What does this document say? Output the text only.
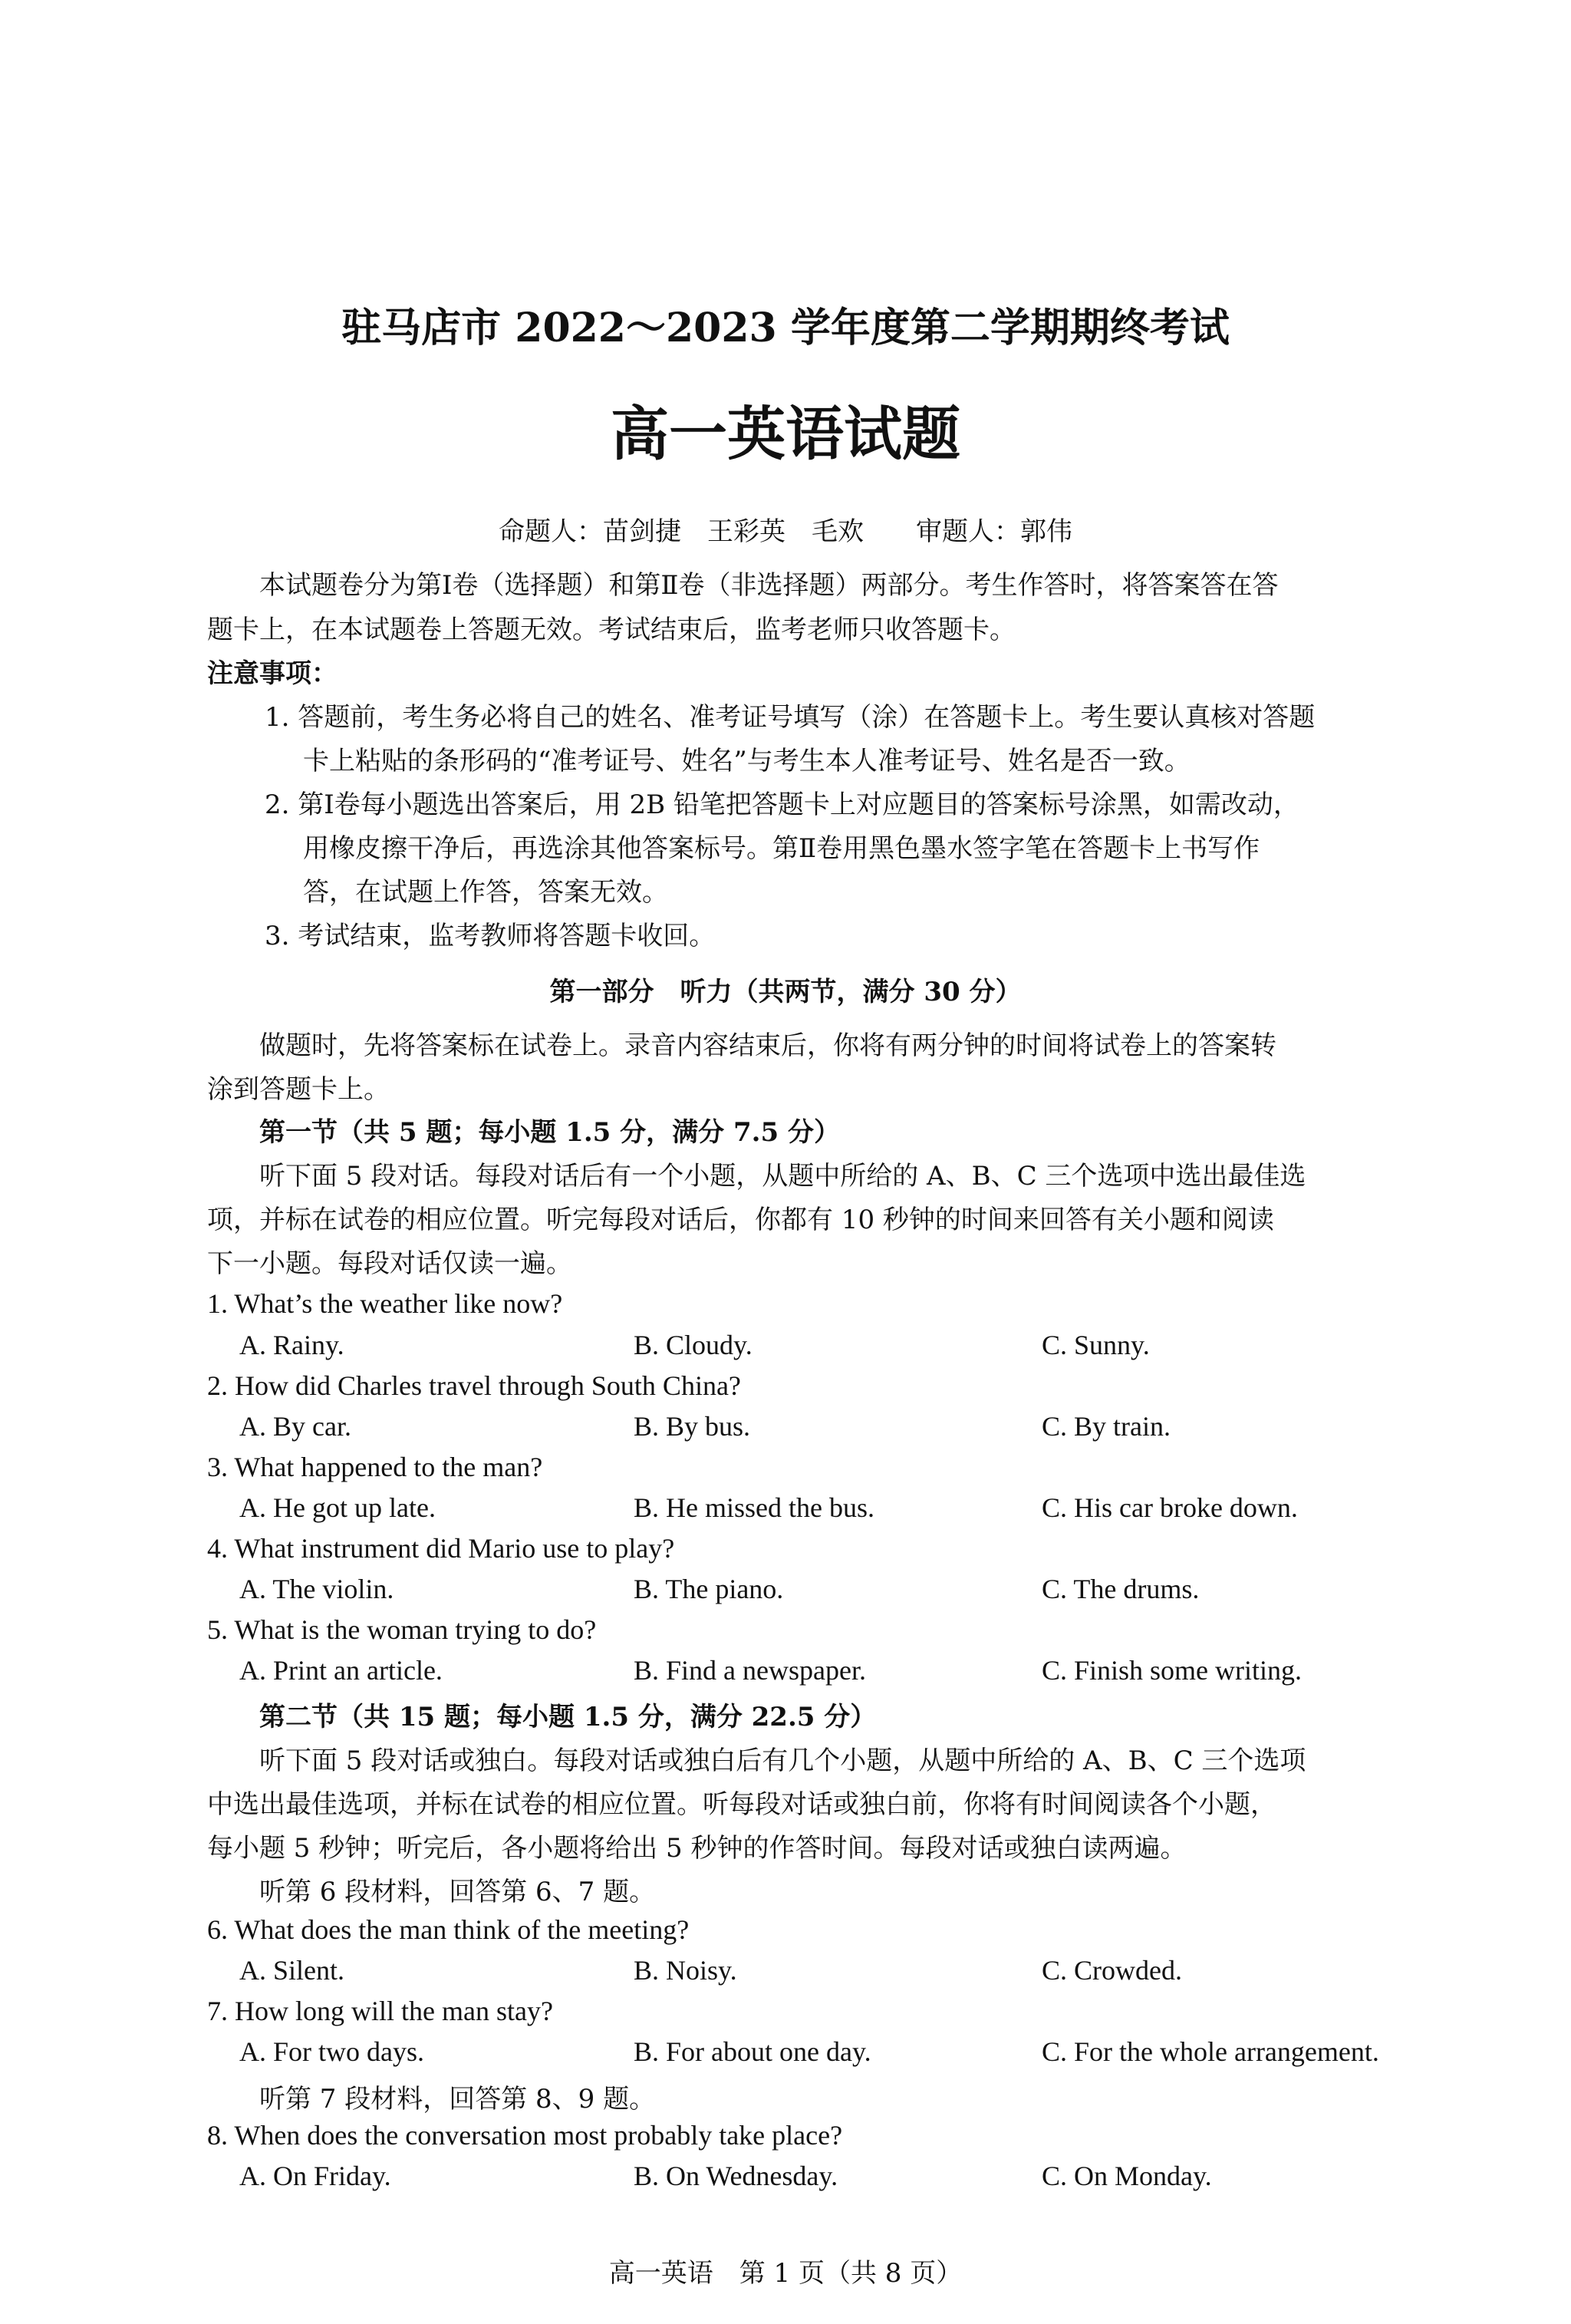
驻马店市 2022～2023 学年度第二学期期终考试
高一英语试题
命题人：苗剑捷　王彩英　毛欢　　审题人：郭伟
本试题卷分为第Ⅰ卷（选择题）和第Ⅱ卷（非选择题）两部分。考生作答时，将答案答在答
题卡上，在本试题卷上答题无效。考试结束后，监考老师只收答题卡。
注意事项：
1. 答题前，考生务必将自己的姓名、准考证号填写（涂）在答题卡上。考生要认真核对答题
卡上粘贴的条形码的“准考证号、姓名”与考生本人准考证号、姓名是否一致。
2. 第Ⅰ卷每小题选出答案后，用 2B 铅笔把答题卡上对应题目的答案标号涂黑，如需改动，
用橡皮擦干净后，再选涂其他答案标号。第Ⅱ卷用黑色墨水签字笔在答题卡上书写作
答，在试题上作答，答案无效。
3. 考试结束，监考教师将答题卡收回。
第一部分　听力（共两节，满分 30 分）
做题时，先将答案标在试卷上。录音内容结束后，你将有两分钟的时间将试卷上的答案转
涂到答题卡上。
第一节（共 5 题；每小题 1.5 分，满分 7.5 分）
听下面 5 段对话。每段对话后有一个小题，从题中所给的 A、B、C 三个选项中选出最佳选
项，并标在试卷的相应位置。听完每段对话后，你都有 10 秒钟的时间来回答有关小题和阅读
下一小题。每段对话仅读一遍。
1. What’s the weather like now?
A. Rainy.	B. Cloudy.	C. Sunny.
2. How did Charles travel through South China?
A. By car.	B. By bus.	C. By train.
3. What happened to the man?
A. He got up late.	B. He missed the bus.	C. His car broke down.
4. What instrument did Mario use to play?
A. The violin.	B. The piano.	C. The drums.
5. What is the woman trying to do?
A. Print an article.	B. Find a newspaper.	C. Finish some writing.
第二节（共 15 题；每小题 1.5 分，满分 22.5 分）
听下面 5 段对话或独白。每段对话或独白后有几个小题，从题中所给的 A、B、C 三个选项
中选出最佳选项，并标在试卷的相应位置。听每段对话或独白前，你将有时间阅读各个小题，
每小题 5 秒钟；听完后，各小题将给出 5 秒钟的作答时间。每段对话或独白读两遍。
听第 6 段材料，回答第 6、7 题。
6. What does the man think of the meeting?
A. Silent.	B. Noisy.	C. Crowded.
7. How long will the man stay?
A. For two days.	B. For about one day.	C. For the whole arrangement.
听第 7 段材料，回答第 8、9 题。
8. When does the conversation most probably take place?
A. On Friday.	B. On Wednesday.	C. On Monday.
高一英语　第 1 页（共 8 页）
